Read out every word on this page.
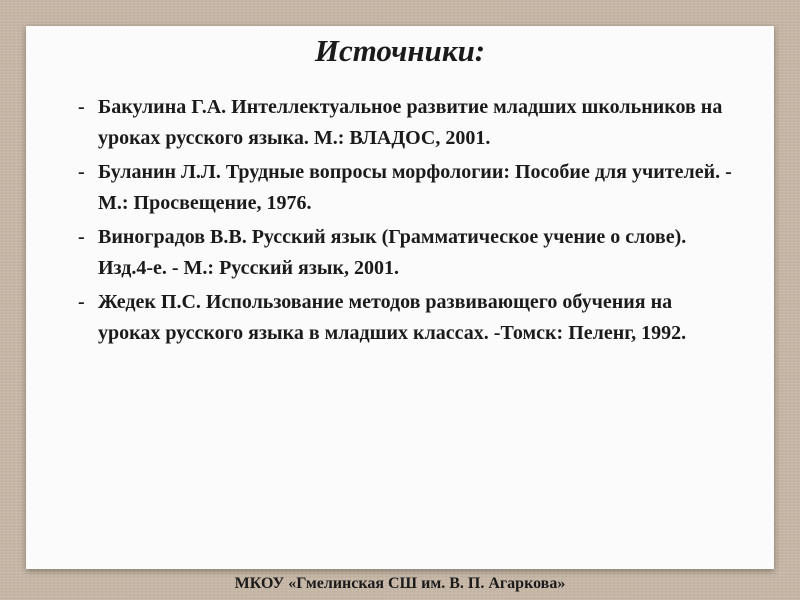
Источники:
- Бакулина Г.А. Интеллектуальное развитие младших школьников на уроках русского языка. М.: ВЛАДОС, 2001.
- Буланин Л.Л. Трудные вопросы морфологии: Пособие для учителей. - М.: Просвещение, 1976.
- Виноградов В.В. Русский язык (Грамматическое учение о слове). Изд.4-е. - М.: Русский язык, 2001.
- Жедек П.С. Использование методов развивающего обучения на уроках русского языка в младших классах. -Томск: Пеленг, 1992.
МКОУ «Гмелинская СШ им. В. П. Агаркова»
